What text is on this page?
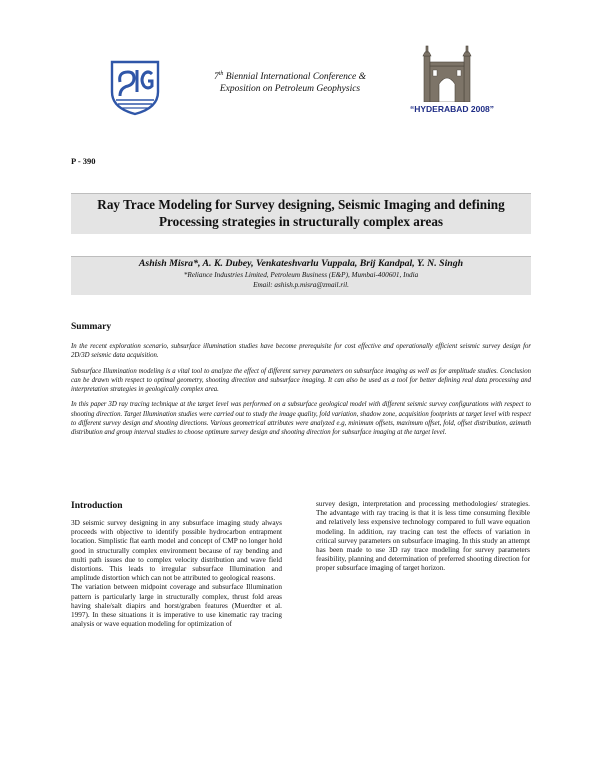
7th Biennial International Conference &
Exposition on Petroleum Geophysics
“HYDERABAD 2008”
P - 390
Ray Trace Modeling for Survey designing, Seismic Imaging and defining
Processing strategies in structurally complex areas
Ashish Misra*, A. K. Dubey, Venkateshvarlu Vuppala, Brij Kandpal, Y. N. Singh
*Reliance Industries Limited, Petroleum Business (E&P), Mumbai-400601, India
Email: ashish.p.misra@zmail.ril.
Summary

In the recent exploration scenario, subsurface illumination studies have become prerequisite for cost effective and operationally efficient seismic survey design for 2D/3D seismic data acquisition.

Subsurface Illumination modeling is a vital tool to analyze the effect of different survey parameters on subsurface imaging as well as for amplitude studies. Conclusion can be drawn with respect to optimal geometry, shooting direction and subsurface imaging. It can also be used as a tool for better defining real data processing and interpretation strategies in geologically complex area.

In this paper 3D ray tracing technique at the target level was performed on a subsurface geological model with different seismic survey configurations with respect to shooting direction. Target Illumination studies were carried out to study the image quality, fold variation, shadow zone, acquisition footprints at target level with respect to different survey design and shooting directions. Various geometrical attributes were analyzed e.g, minimum offsets, maximum offset, fold, offset distribution, azimuth distribution and group interval studies to choose optimum survey design and shooting direction for subsurface imaging at the target level.

Introduction

3D seismic survey designing in any subsurface imaging study always proceeds with objective to identify possible hydrocarbon entrapment location. Simplistic flat earth model and concept of CMP no longer hold good in structurally complex environment because of ray bending and multi path issues due to complex velocity distribution and wave field distortions. This leads to irregular subsurface Illumination and amplitude distortion which can not be attributed to geological reasons.

The variation between midpoint coverage and subsurface Illumination pattern is particularly large in structurally complex, thrust fold areas having shale/salt diapirs and horst/graben features (Muerdter et al. 1997). In these situations it is imperative to use kinematic ray tracing analysis or wave equation modeling for optimization of

survey design, interpretation and processing methodologies/ strategies. The advantage with ray tracing is that it is less time consuming flexible and relatively less expensive technology compared to full wave equation modeling. In addition, ray tracing can test the effects of variation in critical survey parameters on subsurface imaging. In this study an attempt has been made to use 3D ray trace modeling for survey parameters feasibility, planning and determination of preferred shooting direction for proper subsurface imaging of target horizon.
